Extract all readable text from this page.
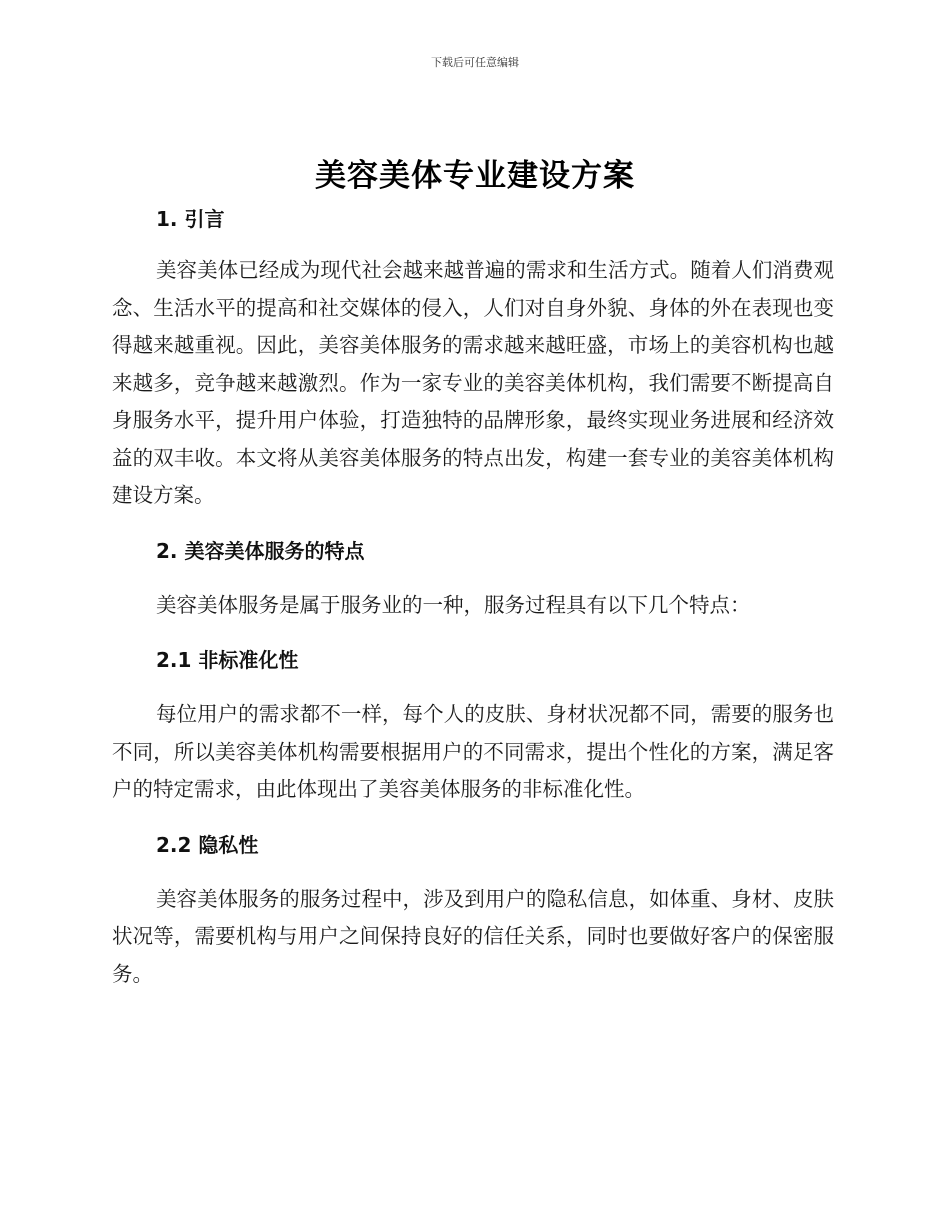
下载后可任意编辑
美容美体专业建设方案
1. 引言

美容美体已经成为现代社会越来越普遍的需求和生活方式。随着人们消费观念、生活水平的提高和社交媒体的侵入，人们对自身外貌、身体的外在表现也变得越来越重视。因此，美容美体服务的需求越来越旺盛，市场上的美容机构也越来越多，竞争越来越激烈。作为一家专业的美容美体机构，我们需要不断提高自身服务水平，提升用户体验，打造独特的品牌形象，最终实现业务进展和经济效益的双丰收。本文将从美容美体服务的特点出发，构建一套专业的美容美体机构建设方案。

2. 美容美体服务的特点

美容美体服务是属于服务业的一种，服务过程具有以下几个特点：

2.1 非标准化性

每位用户的需求都不一样，每个人的皮肤、身材状况都不同，需要的服务也不同，所以美容美体机构需要根据用户的不同需求，提出个性化的方案，满足客户的特定需求，由此体现出了美容美体服务的非标准化性。

2.2 隐私性

美容美体服务的服务过程中，涉及到用户的隐私信息，如体重、身材、皮肤状况等，需要机构与用户之间保持良好的信任关系，同时也要做好客户的保密服务。
